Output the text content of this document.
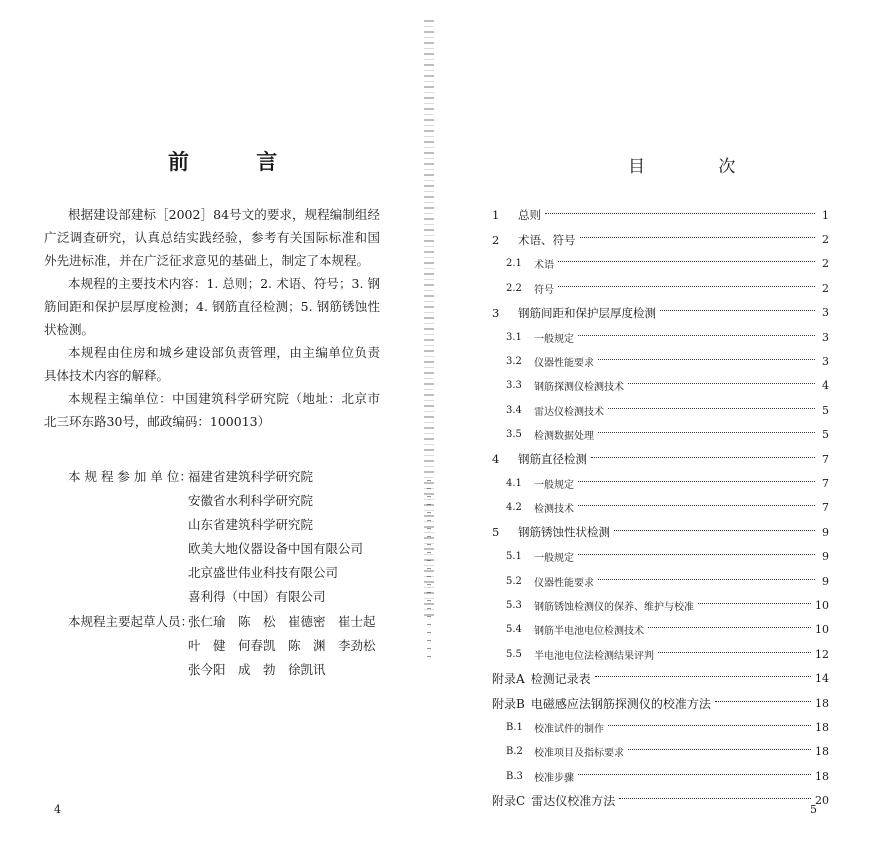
前 言
根据建设部建标［2002］84号文的要求，规程编制组经广泛调查研究，认真总结实践经验，参考有关国际标准和国外先进标准，并在广泛征求意见的基础上，制定了本规程。
本规程的主要技术内容：1. 总则；2. 术语、符号；3. 钢筋间距和保护层厚度检测；4. 钢筋直径检测；5. 钢筋锈蚀性状检测。
本规程由住房和城乡建设部负责管理，由主编单位负责具体技术内容的解释。
本规程主编单位：中国建筑科学研究院（地址：北京市北三环东路30号，邮政编码：100013）
本 规 程 参 加 单 位：
福建省建筑科学研究院
安徽省水利科学研究院
山东省建筑科学研究院
欧美大地仪器设备中国有限公司
北京盛世伟业科技有限公司
喜利得（中国）有限公司
本规程主要起草人员：
张仁瑜　陈　松　崔德密　崔士起
叶　健　何春凯　陈　渊　李劲松
张今阳　成　勃　徐凯讯
4
目 次
1	总则	1
2	术语、符号	2
2.1	术语	2
2.2	符号	2
3	钢筋间距和保护层厚度检测	3
3.1	一般规定	3
3.2	仪器性能要求	3
3.3	钢筋探测仪检测技术	4
3.4	雷达仪检测技术	5
3.5	检测数据处理	5
4	钢筋直径检测	7
4.1	一般规定	7
4.2	检测技术	7
5	钢筋锈蚀性状检测	9
5.1	一般规定	9
5.2	仪器性能要求	9
5.3	钢筋锈蚀检测仪的保养、维护与校准	10
5.4	钢筋半电池电位检测技术	10
5.5	半电池电位法检测结果评判	12
附录A 检测记录表	14
附录B 电磁感应法钢筋探测仪的校准方法	18
B.1	校准试件的制作	18
B.2	校准项目及指标要求	18
B.3	校准步骤	18
附录C 雷达仪校准方法	20
5
